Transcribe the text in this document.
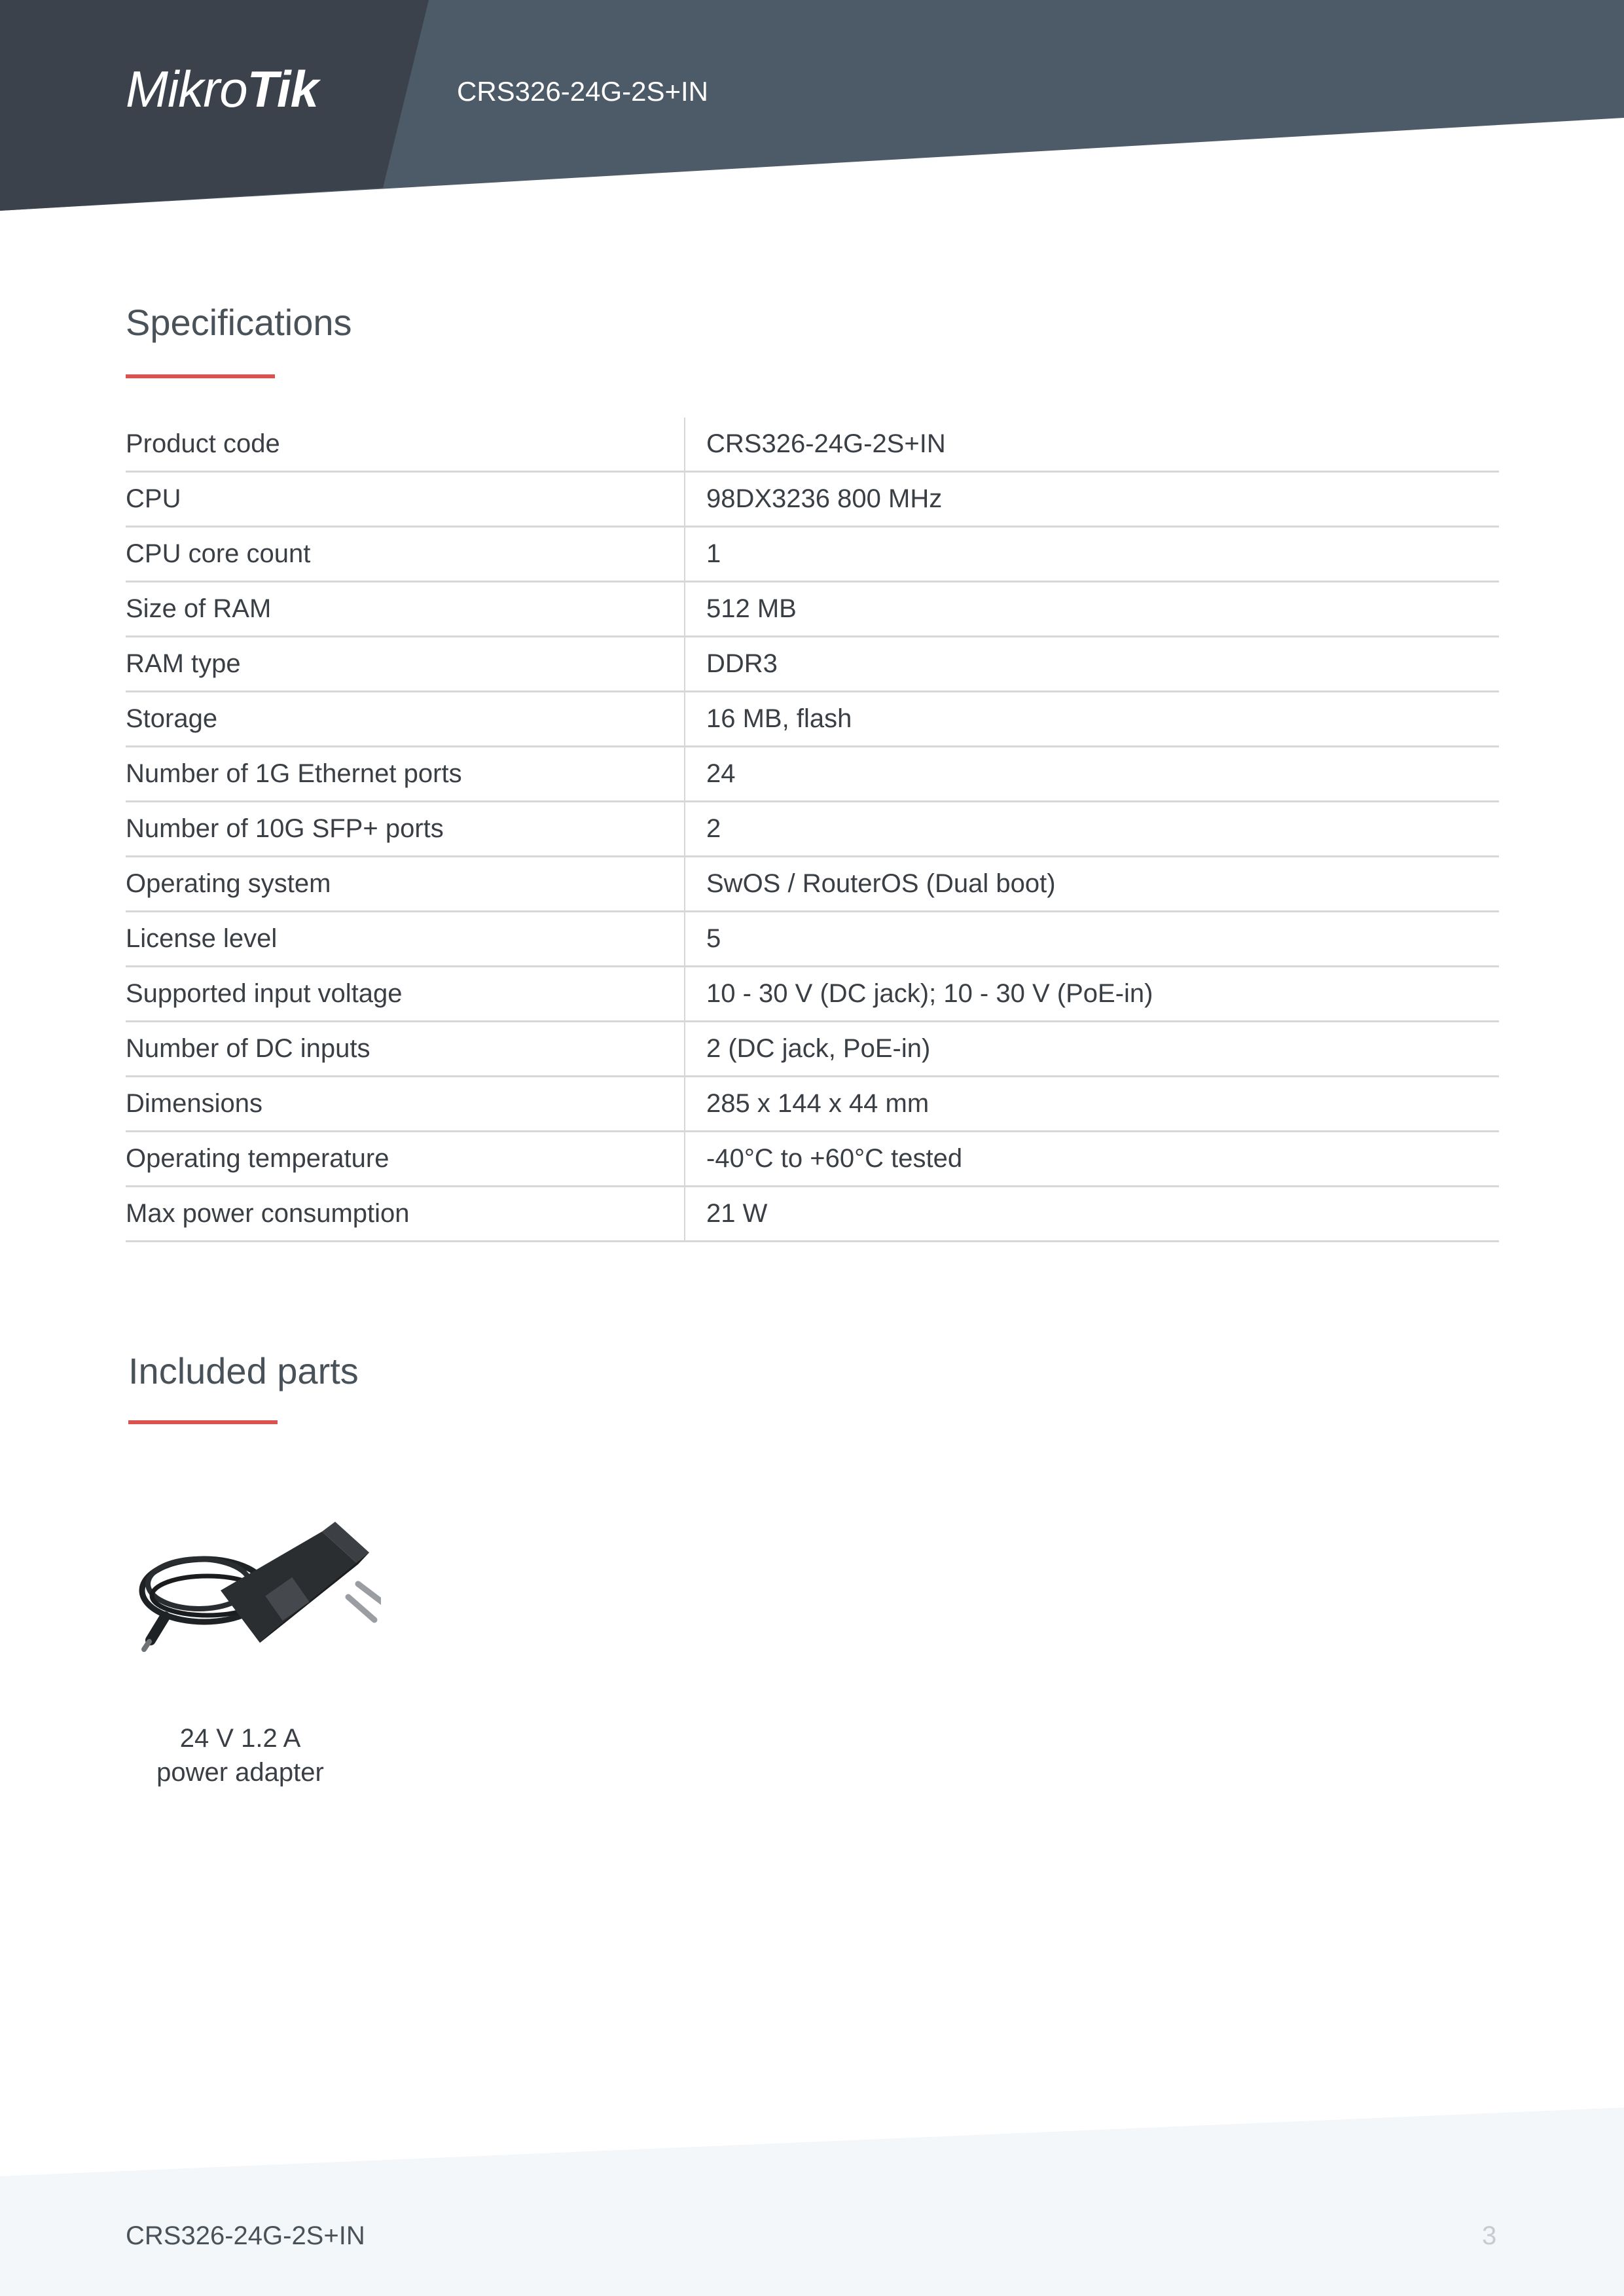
Mikro Tik	CRS326-24G-2S+IN
Specifications
Product code	CRS326-24G-2S+IN
CPU	98DX3236 800 MHz
CPU core count	1
Size of RAM	512 MB
RAM type	DDR3
Storage	16 MB, flash
Number of 1G Ethernet ports	24
Number of 10G SFP+ ports	2
Operating system	SwOS / RouterOS (Dual boot)
License level	5
Supported input voltage	10 - 30 V (DC jack); 10 - 30 V (PoE-in)
Number of DC inputs	2 (DC jack, PoE-in)
Dimensions	285 x 144 x 44 mm
Operating temperature	-40°C to +60°C tested
Max power consumption	21 W
Included parts
24 V 1.2 A
power adapter
CRS326-24G-2S+IN	3
